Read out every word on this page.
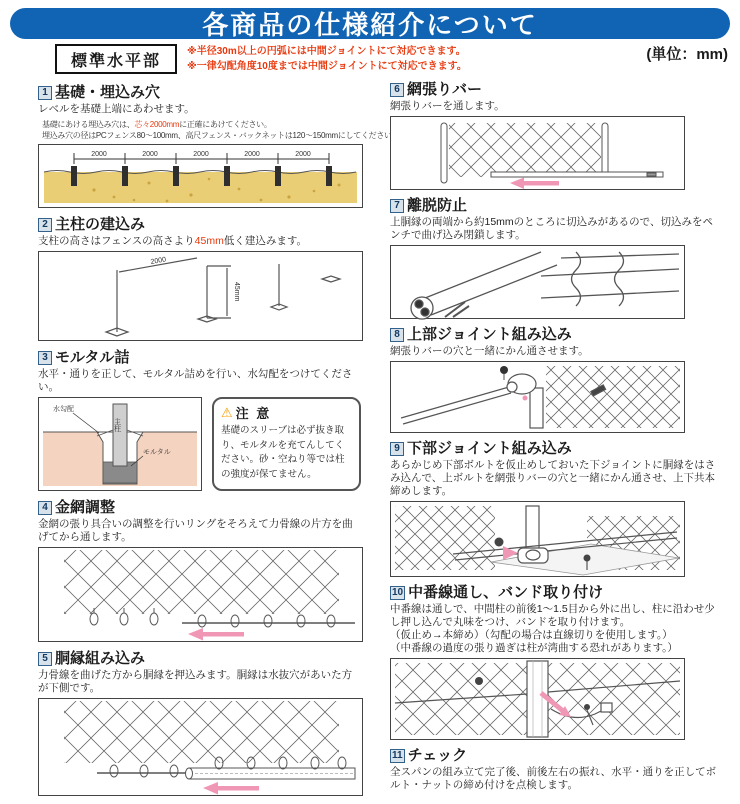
各商品の仕様紹介について
標準水平部
※半径30m以上の円弧には中間ジョイントにて対応できます。
※一律勾配角度10度までは中間ジョイントにて対応できます。
(単位：mm)
1 基礎・埋込み穴
レベルを基礎上端にあわせます。
基礎にあける埋込み穴は、芯々2000mmに正確にあけてください。
埋込み穴の径はPCフェンス80〜100mm、高尺フェンス・バックネットは120〜150mmにしてください。
2000	2000	2000	2000	2000
2 主柱の建込み
支柱の高さはフェンスの高さより45mm低く建込みます。
2000
45mm
3 モルタル詰
水平・通りを正して、モルタル詰めを行い、水勾配をつけてください。
水勾配
主柱
モルタル
⚠ 注 意
基礎のスリーブは必ず抜き取り、モルタルを充てんしてください。砂・空ねり等では柱の強度が保てません。
4 金網調整
金網の張り具合いの調整を行いリングをそろえて力骨線の片方を曲げてから通します。
5 胴縁組み込み
力骨線を曲げた方から胴縁を押込みます。胴縁は水抜穴があいた方が下側です。
6 網張りバー
網張りバーを通します。
7 離脱防止
上胴縁の両端から約15mmのところに切込みがあるので、切込みをペンチで曲げ込み閉鎖します。
8 上部ジョイント組み込み
網張りバーの穴と一緒にかん通させます。
9 下部ジョイント組み込み
あらかじめ下部ボルトを仮止めしておいた下ジョイントに胴縁をはさみ込んで、上ボルトを網張りバーの穴と一緒にかん通させ、上下共本締めします。
10 中番線通し、バンド取り付け
中番線は通しで、中間柱の前後1〜1.5目から外に出し、柱に沿わせ少し押し込んで丸味をつけ、バンドを取り付けます。
（仮止め→本締め）（勾配の場合は直線切りを使用します。）
（中番線の過度の張り過ぎは柱が湾曲する恐れがあります。）
11 チェック
全スパンの組み立て完了後、前後左右の振れ、水平・通りを正してボルト・ナットの締め付けを点検します。
